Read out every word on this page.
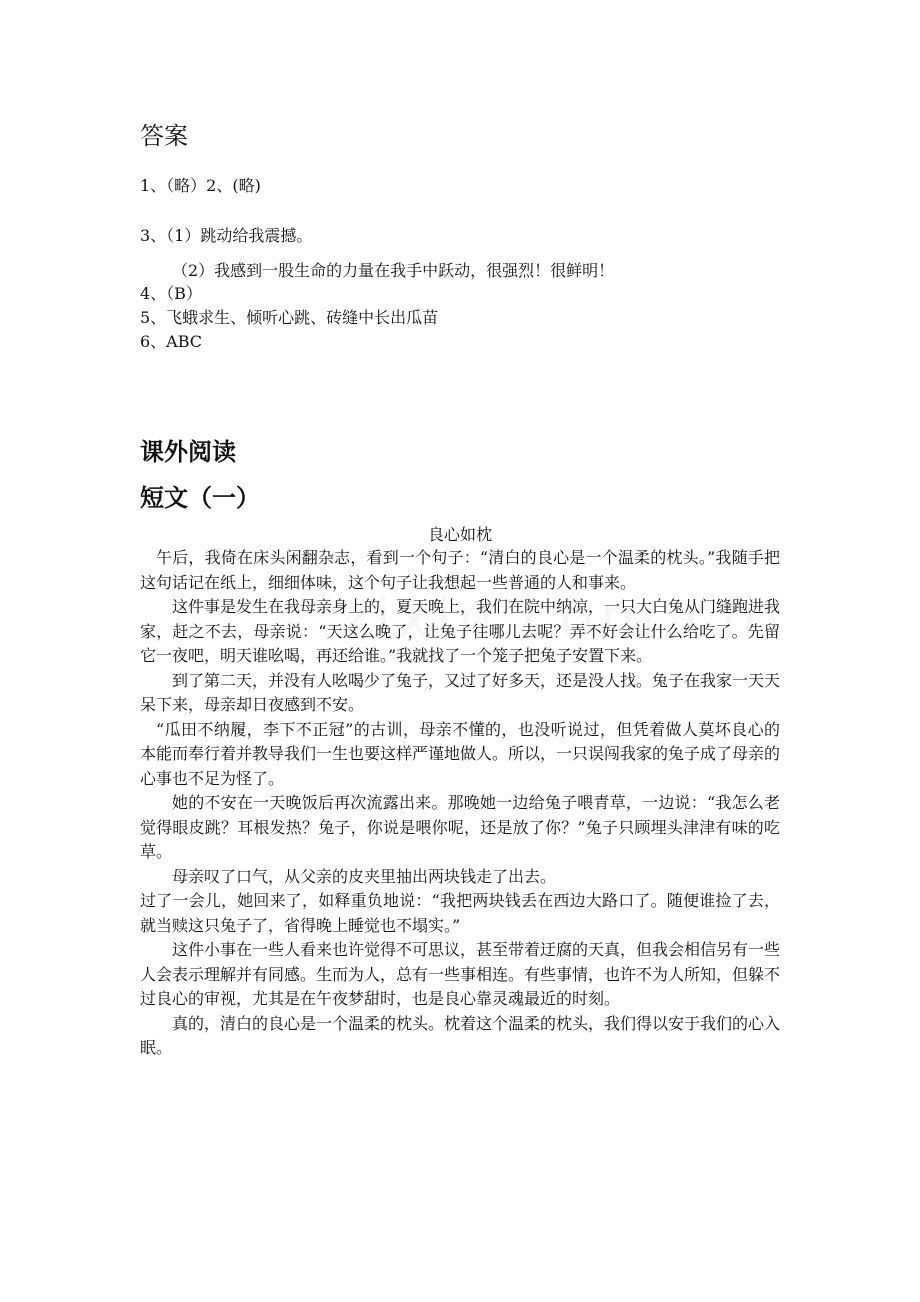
答案
1、（略）2、(略)
3、（1）跳动给我震撼。
（2）我感到一股生命的力量在我手中跃动，很强烈！很鲜明！
4、（B）
5、飞蛾求生、倾听心跳、砖缝中长出瓜苗
6、ABC
课外阅读
短文（一）
良心如枕

午后，我倚在床头闲翻杂志，看到一个句子：“清白的良心是一个温柔的枕头。”我随手把这句话记在纸上，细细体味，这个句子让我想起一些普通的人和事来。

这件事是发生在我母亲身上的，夏天晚上，我们在院中纳凉，一只大白兔从门缝跑进我家，赶之不去，母亲说：“天这么晚了，让兔子往哪儿去呢？弄不好会让什么给吃了。先留它一夜吧，明天谁吆喝，再还给谁。”我就找了一个笼子把兔子安置下来。

到了第二天，并没有人吆喝少了兔子，又过了好多天，还是没人找。兔子在我家一天天呆下来，母亲却日夜感到不安。

“瓜田不纳履，李下不正冠”的古训，母亲不懂的，也没听说过，但凭着做人莫坏良心的本能而奉行着并教导我们一生也要这样严谨地做人。所以，一只误闯我家的兔子成了母亲的心事也不足为怪了。

她的不安在一天晚饭后再次流露出来。那晚她一边给兔子喂青草，一边说：“我怎么老觉得眼皮跳？耳根发热？兔子，你说是喂你呢，还是放了你？”兔子只顾埋头津津有味的吃草。

母亲叹了口气，从父亲的皮夹里抽出两块钱走了出去。

过了一会儿，她回来了，如释重负地说：“我把两块钱丢在西边大路口了。随便谁捡了去，就当赎这只兔子了，省得晚上睡觉也不塌实。”

这件小事在一些人看来也许觉得不可思议，甚至带着迂腐的天真，但我会相信另有一些人会表示理解并有同感。生而为人，总有一些事相连。有些事情，也许不为人所知，但躲不过良心的审视，尤其是在午夜梦甜时，也是良心靠灵魂最近的时刻。

真的，清白的良心是一个温柔的枕头。枕着这个温柔的枕头，我们得以安于我们的心入眠。
